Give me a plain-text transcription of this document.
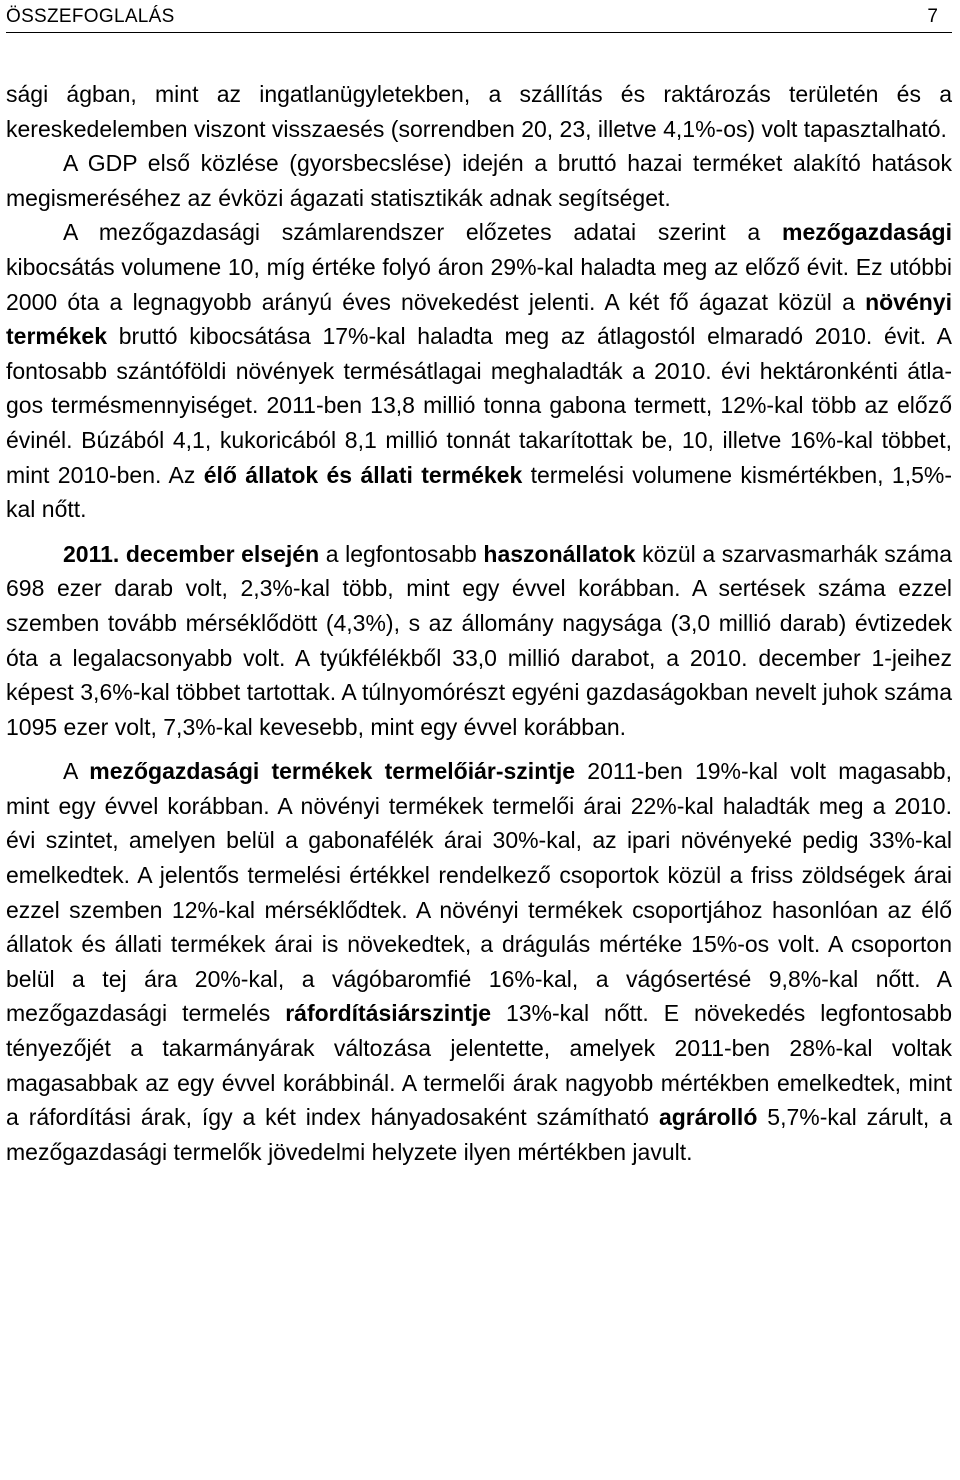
ÖSSZEFOGLALÁS	7

sági ágban, mint az ingatlanügyletekben, a szállítás és raktározás területén és a kereskedelemben viszont visszaesés (sorrendben 20, 23, illetve 4,1%-os) volt tapasztalható.

A GDP első közlése (gyorsbecslése) idején a bruttó hazai terméket alakító hatások megismeréséhez az évközi ágazati statisztikák adnak segítséget.

A mezőgazdasági számlarendszer előzetes adatai szerint a mezőgazdasági kibocsátás volumene 10, míg értéke folyó áron 29%-kal haladta meg az előző évit. Ez utóbbi 2000 óta a legnagyobb arányú éves növekedést jelenti. A két fő ágazat közül a növényi termékek bruttó kibocsátása 17%-kal haladta meg az átlagostól elmaradó 2010. évit. A fontosabb szántóföldi növények termésátlagai meghaladták a 2010. évi hektáronkénti átlagos termésmennyiséget. 2011-ben 13,8 millió tonna gabona termett, 12%-kal több az előző évinél. Búzából 4,1, kukoricából 8,1 millió tonnát takarítottak be, 10, illetve 16%-kal többet, mint 2010-ben. Az élő állatok és állati termékek termelési volumene kismértékben, 1,5%-kal nőtt.

2011. december elsején a legfontosabb haszonállatok közül a szarvasmarhák száma 698 ezer darab volt, 2,3%-kal több, mint egy évvel korábban. A sertések száma ezzel szemben tovább mérséklődött (4,3%), s az állomány nagysága (3,0 millió darab) évtizedek óta a legalacsonyabb volt. A tyúkfélékből 33,0 millió darabot, a 2010. december 1-jeihez képest 3,6%-kal többet tartottak. A túlnyomórészt egyéni gazdaságokban nevelt juhok száma 1095 ezer volt, 7,3%-kal kevesebb, mint egy évvel korábban.

A mezőgazdasági termékek termelőiár-szintje 2011-ben 19%-kal volt magasabb, mint egy évvel korábban. A növényi termékek termelői árai 22%-kal haladták meg a 2010. évi szintet, amelyen belül a gabonafélék árai 30%-kal, az ipari növényeké pedig 33%-kal emelkedtek. A jelentős termelési értékkel rendelkező csoportok közül a friss zöldségek árai ezzel szemben 12%-kal mérséklődtek. A növényi termékek csoportjához hasonlóan az élő állatok és állati termékek árai is növekedtek, a drágulás mértéke 15%-os volt. A csoporton belül a tej ára 20%-kal, a vágóbaromfié 16%-kal, a vágósertésé 9,8%-kal nőtt. A mezőgazdasági termelés ráfordításiárszintje 13%-kal nőtt. E növekedés legfontosabb tényezőjét a takarmányárak változása jelentette, amelyek 2011-ben 28%-kal voltak magasabbak az egy évvel korábbinál. A termelői árak nagyobb mértékben emelkedtek, mint a ráfordítási árak, így a két index hányadosaként számítható agrárolló 5,7%-kal zárult, a mezőgazdasági termelők jövedelmi helyzete ilyen mértékben javult.
